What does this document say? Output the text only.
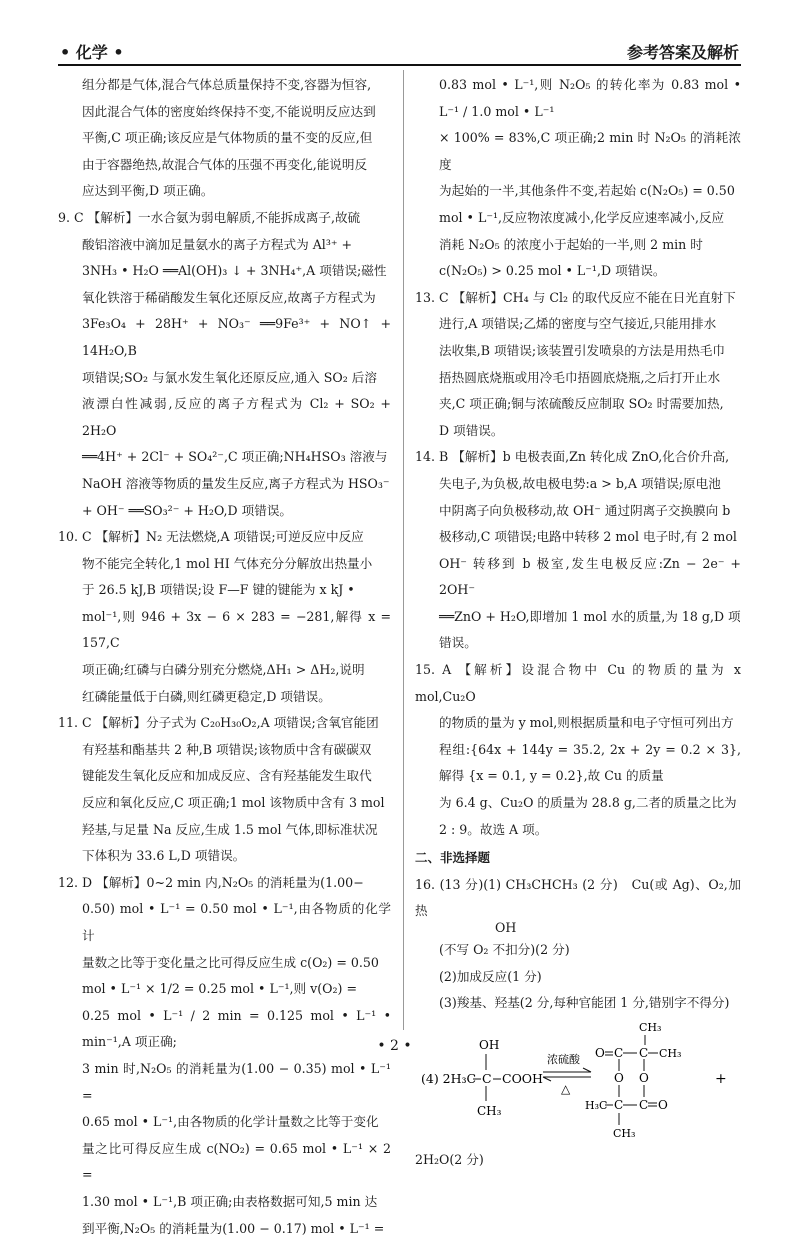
• 化学 •	参考答案及解析
组分都是气体,混合气体总质量保持不变,容器为恒容,
因此混合气体的密度始终保持不变,不能说明反应达到
平衡,C 项正确;该反应是气体物质的量不变的反应,但
由于容器绝热,故混合气体的压强不再变化,能说明反
应达到平衡,D 项正确。
9. C 【解析】一水合氨为弱电解质,不能拆成离子,故硫
酸铝溶液中滴加足量氨水的离子方程式为 Al³⁺ +
3NH₃ • H₂O ══Al(OH)₃ ↓ + 3NH₄⁺,A 项错误;磁性
氧化铁溶于稀硝酸发生氧化还原反应,故离子方程式为
3Fe₃O₄ + 28H⁺ + NO₃⁻ ══9Fe³⁺ + NO↑ + 14H₂O,B
项错误;SO₂ 与氯水发生氧化还原反应,通入 SO₂ 后溶
液漂白性减弱,反应的离子方程式为 Cl₂ + SO₂ + 2H₂O
══4H⁺ + 2Cl⁻ + SO₄²⁻,C 项正确;NH₄HSO₃ 溶液与
NaOH 溶液等物质的量发生反应,离子方程式为 HSO₃⁻
+ OH⁻ ══SO₃²⁻ + H₂O,D 项错误。
10. C 【解析】N₂ 无法燃烧,A 项错误;可逆反应中反应
物不能完全转化,1 mol HI 气体充分分解放出热量小
于 26.5 kJ,B 项错误;设 F—F 键的键能为 x kJ •
mol⁻¹,则 946 + 3x − 6 × 283 = −281,解得 x = 157,C
项正确;红磷与白磷分别充分燃烧,ΔH₁ > ΔH₂,说明
红磷能量低于白磷,则红磷更稳定,D 项错误。
11. C 【解析】分子式为 C₂₀H₃₀O₂,A 项错误;含氧官能团
有羟基和酯基共 2 种,B 项错误;该物质中含有碳碳双
键能发生氧化反应和加成反应、含有羟基能发生取代
反应和氧化反应,C 项正确;1 mol 该物质中含有 3 mol
羟基,与足量 Na 反应,生成 1.5 mol 气体,即标准状况
下体积为 33.6 L,D 项错误。
12. D 【解析】0~2 min 内,N₂O₅ 的消耗量为(1.00−
0.50) mol • L⁻¹ = 0.50 mol • L⁻¹,由各物质的化学计
量数之比等于变化量之比可得反应生成 c(O₂) = 0.50
mol • L⁻¹ × 1/2 = 0.25 mol • L⁻¹,则 v(O₂) =
0.25 mol • L⁻¹ / 2 min = 0.125 mol • L⁻¹ • min⁻¹,A 项正确;
3 min 时,N₂O₅ 的消耗量为(1.00 − 0.35) mol • L⁻¹ =
0.65 mol • L⁻¹,由各物质的化学计量数之比等于变化
量之比可得反应生成 c(NO₂) = 0.65 mol • L⁻¹ × 2 =
1.30 mol • L⁻¹,B 项正确;由表格数据可知,5 min 达
到平衡,N₂O₅ 的消耗量为(1.00 − 0.17) mol • L⁻¹ =
0.83 mol • L⁻¹,则 N₂O₅ 的转化率为 0.83 mol • L⁻¹ / 1.0 mol • L⁻¹
× 100% = 83%,C 项正确;2 min 时 N₂O₅ 的消耗浓度
为起始的一半,其他条件不变,若起始 c(N₂O₅) = 0.50
mol • L⁻¹,反应物浓度减小,化学反应速率减小,反应
消耗 N₂O₅ 的浓度小于起始的一半,则 2 min 时
c(N₂O₅) > 0.25 mol • L⁻¹,D 项错误。
13. C 【解析】CH₄ 与 Cl₂ 的取代反应不能在日光直射下
进行,A 项错误;乙烯的密度与空气接近,只能用排水
法收集,B 项错误;该装置引发喷泉的方法是用热毛巾
捂热圆底烧瓶或用冷毛巾捂圆底烧瓶,之后打开止水
夹,C 项正确;铜与浓硫酸反应制取 SO₂ 时需要加热,
D 项错误。
14. B 【解析】b 电极表面,Zn 转化成 ZnO,化合价升高,
失电子,为负极,故电极电势:a > b,A 项错误;原电池
中阴离子向负极移动,故 OH⁻ 通过阴离子交换膜向 b
极移动,C 项错误;电路中转移 2 mol 电子时,有 2 mol
OH⁻ 转移到 b 极室,发生电极反应:Zn − 2e⁻ + 2OH⁻
══ZnO + H₂O,即增加 1 mol 水的质量,为 18 g,D 项
错误。
15. A 【解析】设混合物中 Cu 的物质的量为 x mol,Cu₂O
的物质的量为 y mol,则根据质量和电子守恒可列出方
程组:{64x + 144y = 35.2, 2x + 2y = 0.2 × 3},解得 {x = 0.1, y = 0.2},故 Cu 的质量
为 6.4 g、Cu₂O 的质量为 28.8 g,二者的质量之比为
2 : 9。故选 A 项。
二、非选择题
16. (13 分)(1) CH₃CHCH₃ (2 分) Cu(或 Ag)、O₂,加热
OH
(不写 O₂ 不扣分)(2 分)
(2)加成反应(1 分)
(3)羧基、羟基(2 分,每种官能团 1 分,错别字不得分)
(4) 2H₃C C
OH
CH₃
COOH
浓硫酸
△
CH₃
O C C CH₃
O O
H₃C C C O
CH₃
+
2H₂O(2 分)
• 2 •
